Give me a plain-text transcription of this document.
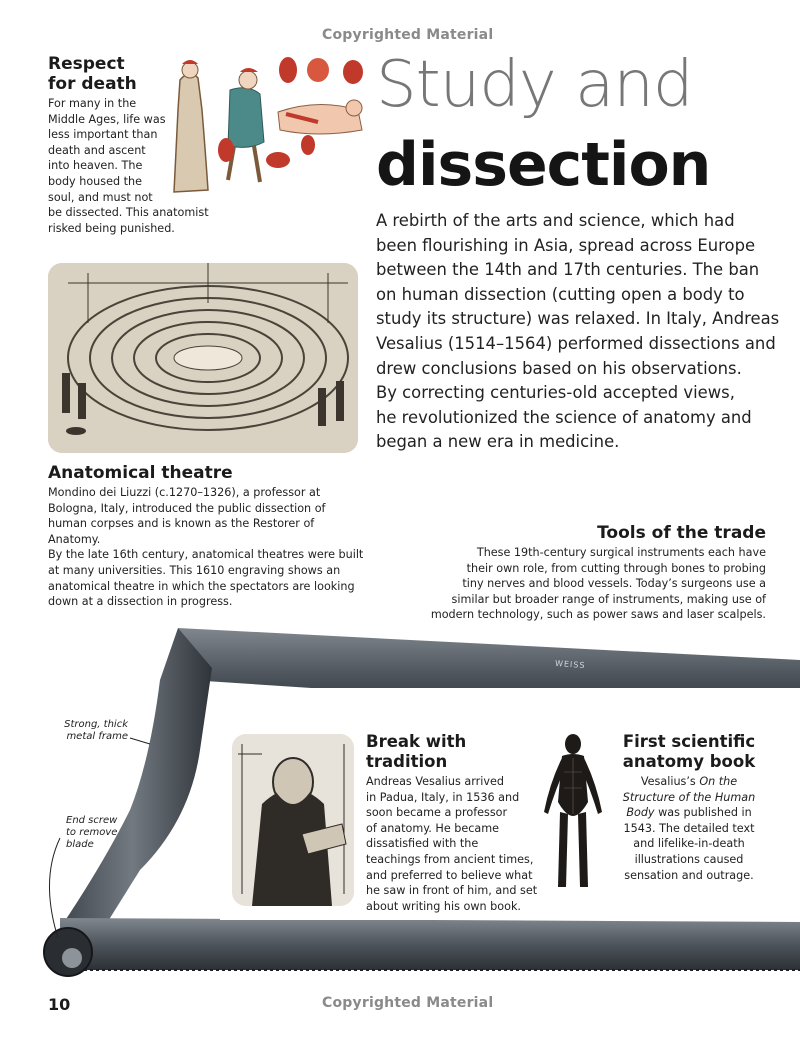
Copyrighted Material
Copyrighted Material
10
Study and
dissection
A rebirth of the arts and science, which had
been flourishing in Asia, spread across Europe
between the 14th and 17th centuries. The ban
on human dissection (cutting open a body to
study its structure) was relaxed. In Italy, Andreas
Vesalius (1514–1564) performed dissections and
drew conclusions based on his observations.
By correcting centuries-old accepted views,
he revolutionized the science of anatomy and
began a new era in medicine.
Respect
for death
For many in the
Middle Ages, life was
less important than
death and ascent
into heaven. The
body housed the
soul, and must not
be dissected. This anatomist
risked being punished.
Anatomical theatre
Mondino dei Liuzzi (c.1270–1326), a professor at
Bologna, Italy, introduced the public dissection of
human corpses and is known as the Restorer of Anatomy.
By the late 16th century, anatomical theatres were built
at many universities. This 1610 engraving shows an
anatomical theatre in which the spectators are looking
down at a dissection in progress.
Tools of the trade
These 19th-century surgical instruments each have
their own role, from cutting through bones to probing
tiny nerves and blood vessels. Today’s surgeons use a
similar but broader range of instruments, making use of
modern technology, such as power saws and laser scalpels.
WEISS
Strong, thick
metal frame
End screw
to remove
blade
Break with tradition
Andreas Vesalius arrived
in Padua, Italy, in 1536 and
soon became a professor
of anatomy. He became
dissatisfied with the
teachings from ancient times,
and preferred to believe what
he saw in front of him, and set
about writing his own book.
First scientific
anatomy book
Vesalius’s On the
Structure of the Human
Body was published in
1543. The detailed text
and lifelike-in-death
illustrations caused
sensation and outrage.
